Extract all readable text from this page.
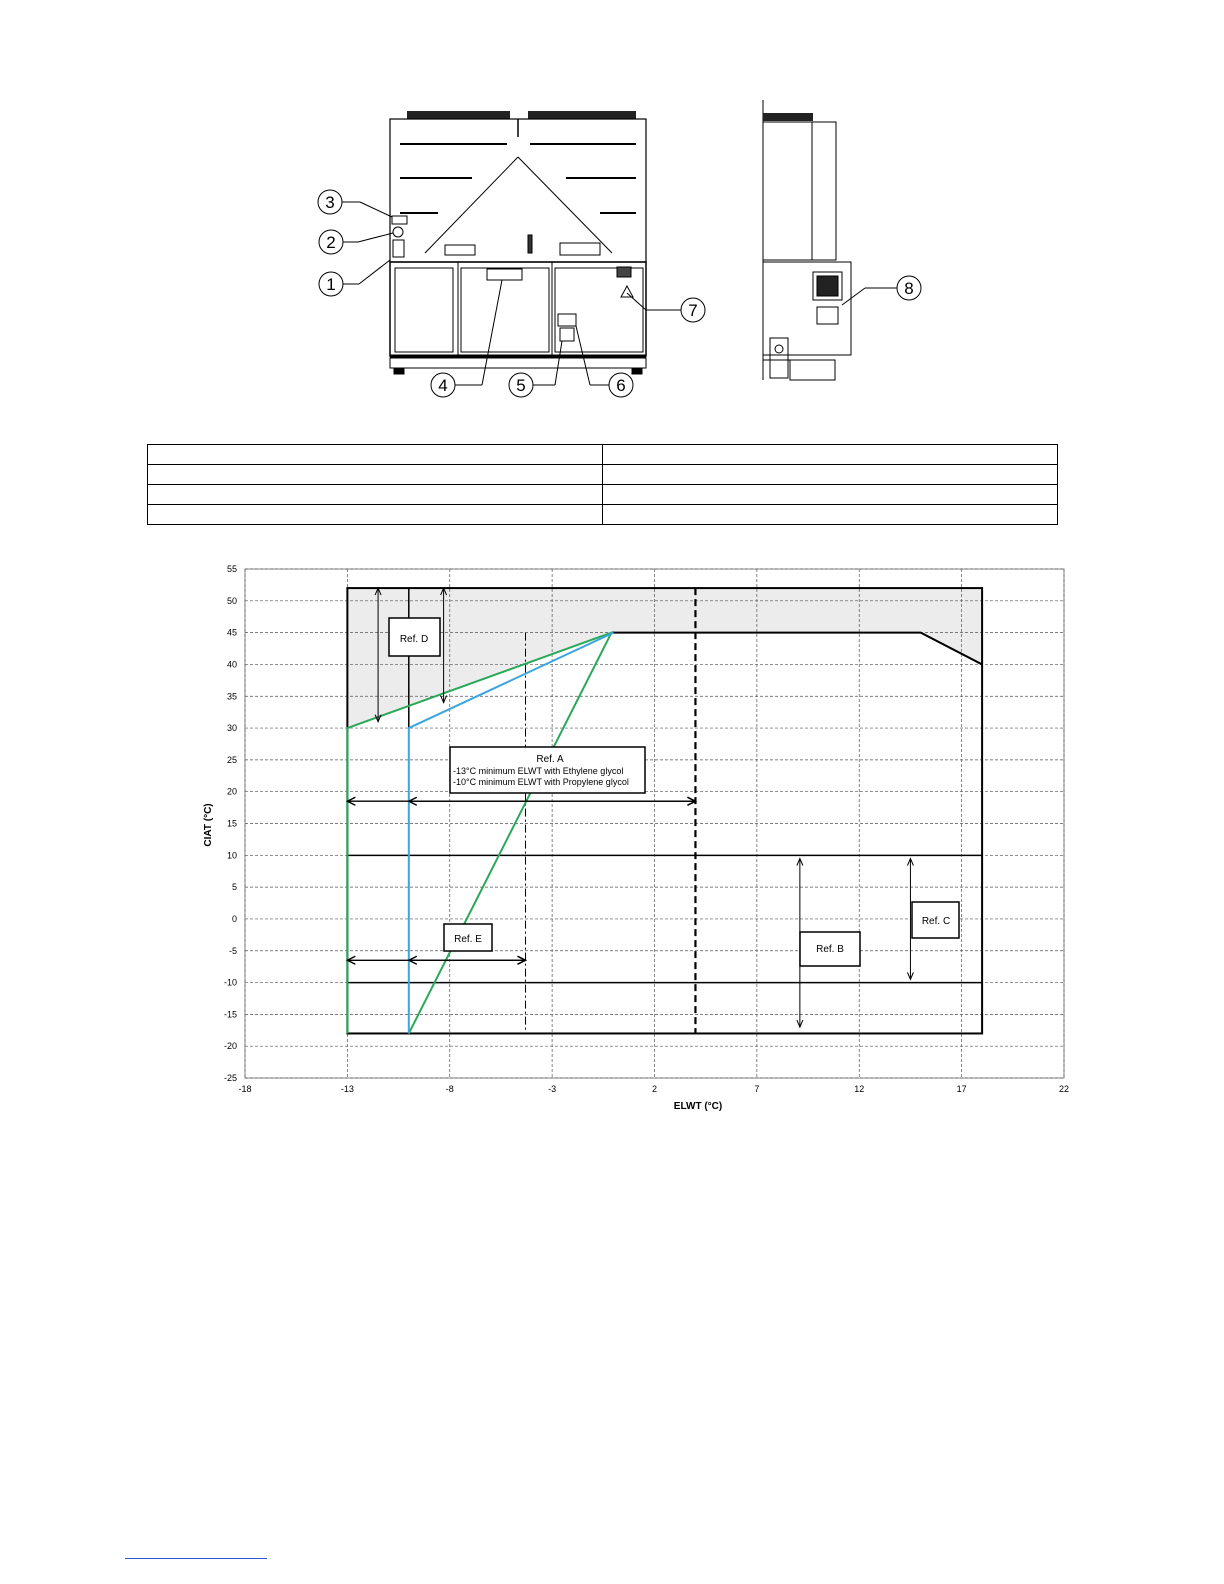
1
2
3
4	5	6
7
8

55
50
45
40
35
30
25
20
15
10
5
0
-5
-10
-15
-20
-25
-18	-13	-8	-3	2	7	12	17	22
ELWT (°C)
CIAT (°C)
Ref. A
-13°C minimum ELWT with Ethylene glycol
-10°C minimum ELWT with Propylene glycol
Ref. D
Ref. E
Ref. B
Ref. C
